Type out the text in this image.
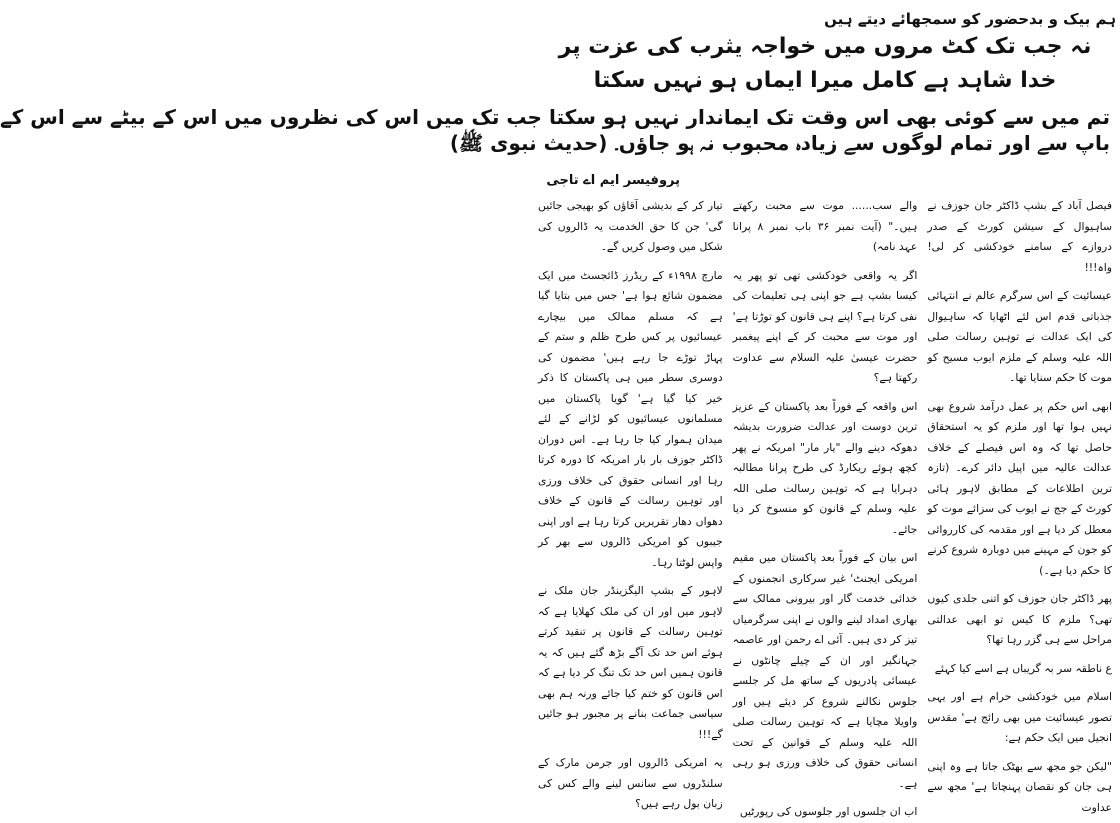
ہم بیک و بدحضور کو سمجھائے دیتے ہیں
نہ جب تک کٹ مروں میں خواجہ یثرب کی عزت پر
خدا شاہد ہے کامل میرا ایماں ہو نہیں سکتا
تم میں سے کوئی بھی اس وقت تک ایماندار نہیں ہو سکتا جب تک میں اس کی نظروں میں اس کے بیٹے سے اس کے
باپ سے اور تمام لوگوں سے زیادہ محبوب نہ ہو جاؤں۔ (حدیث نبوی ﷺ)
پروفیسر ایم اے تاجی

فیصل آباد کے بشپ ڈاکٹر جان جوزف نے ساہیوال کے سیشن کورٹ کے صدر دروازے کے سامنے خودکشی کر لی! واہ!!!

عیسائیت کے اس سرگرم عالم نے انتہائی جذباتی قدم اس لئے اٹھایا کہ ساہیوال کی ایک عدالت نے توہین رسالت صلی اللہ علیہ وسلم کے ملزم ایوب مسیح کو موت کا حکم سنایا تھا۔

ابھی اس حکم پر عمل درآمد شروع بھی نہیں ہوا تھا اور ملزم کو یہ استحقاق حاصل تھا کہ وہ اس فیصلے کے خلاف عدالت عالیہ میں اپیل دائر کرے۔ (تازہ ترین اطلاعات کے مطابق لاہور ہائی کورٹ کے جج نے ایوب کی سزائے موت کو معطل کر دیا ہے اور مقدمہ کی کارروائی کو جون کے مہینے میں دوبارہ شروع کرنے کا حکم دیا ہے۔)

پھر ڈاکٹر جان جوزف کو اتنی جلدی کیوں تھی؟ ملزم کا کیس تو ابھی عدالتی مراحل سے ہی گزر رہا تھا؟

ع ناطقہ سر بہ گریباں ہے اسے کیا کہئے

اسلام میں خودکشی حرام ہے اور یہی تصور عیسائیت میں بھی رائج ہے' مقدس انجیل میں ایک حکم ہے:

"لیکن جو مجھ سے بھٹک جاتا ہے وہ اپنی ہی جان کو نقصان پہنچاتا ہے' مجھ سے عداوت

والے سب...... موت سے محبت رکھتے ہیں۔" (آیت نمبر ۳۶ باب نمبر ۸ پرانا عہد نامہ)

اگر یہ واقعی خودکشی تھی تو پھر یہ کیسا بشپ ہے جو اپنی ہی تعلیمات کی نفی کرتا ہے؟ اپنے ہی قانون کو توڑتا ہے' اور موت سے محبت کر کے اپنے پیغمبر حضرت عیسیٰ علیہ السلام سے عداوت رکھتا ہے؟

اس واقعہ کے فوراً بعد پاکستان کے عزیز ترین دوست اور عدالت ضرورت بدیشہ دھوکہ دینے والے "یار مار" امریکہ نے پھر کچھ ہوئے ریکارڈ کی طرح پرانا مطالبہ دہرایا ہے کہ توہین رسالت صلی اللہ علیہ وسلم کے قانون کو منسوخ کر دیا جائے۔

اس بیان کے فوراً بعد پاکستان میں مقیم امریکی ایجنٹ' غیر سرکاری انجمنوں کے خدائی خدمت گار اور بیرونی ممالک سے بھاری امداد لینے والوں نے اپنی سرگرمیاں تیز کر دی ہیں۔ آئی اے رحمن اور عاصمہ جہانگیر اور ان کے چیلے چانٹوں نے عیسائی پادریوں کے ساتھ مل کر جلسے جلوس نکالنے شروع کر دیئے ہیں اور واویلا مچایا ہے کہ توہین رسالت صلی اللہ علیہ وسلم کے قوانین کے تحت انسانی حقوق کی خلاف ورزی ہو رہی ہے۔

اب ان جلسوں اور جلوسوں کی رپورٹیں

تیار کر کے بدیشی آقاؤں کو بھیجی جائیں گی' جن کا حق الخدمت یہ ڈالروں کی شکل میں وصول کریں گے۔

مارچ ۱۹۹۸ء کے ریڈرز ڈائجسٹ میں ایک مضمون شائع ہوا ہے' جس میں بتایا گیا ہے کہ مسلم ممالک میں بیچارے عیسائیوں پر کس طرح ظلم و ستم کے پہاڑ توڑے جا رہے ہیں' مضمون کی دوسری سطر میں ہی پاکستان کا ذکر خیر کیا گیا ہے' گویا پاکستان میں مسلمانوں عیسائیوں کو لڑانے کے لئے میدان ہموار کیا جا رہا ہے۔ اس دوران ڈاکٹر جوزف بار بار امریکہ کا دورہ کرتا رہا اور انسانی حقوق کی خلاف ورزی اور توہین رسالت کے قانون کے خلاف دھواں دھار تقریریں کرتا رہا ہے اور اپنی جیبوں کو امریکی ڈالروں سے بھر کر واپس لوٹتا رہا۔

لاہور کے بشپ الیگزینڈر جان ملک نے لاہور میں اور ان کی ملک کھلایا ہے کہ توہین رسالت کے قانون پر تنقید کرتے ہوئے اس حد تک آگے بڑھ گئے ہیں کہ یہ قانون ہمیں اس حد تک تنگ کر دیا ہے کہ اس قانون کو ختم کیا جائے ورنہ ہم بھی سیاسی جماعت بنانے پر مجبور ہو جائیں گے!!!

یہ امریکی ڈالروں اور جرمن مارک کے سلنڈروں سے سانس لینے والے کس کی زبان بول رہے ہیں؟
